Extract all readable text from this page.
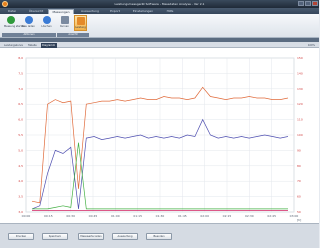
Leistungsmessgerät Software - Messdaten Analyse - Ver 2.1
Datei	Übersicht	Messungen	Auswertung	Export	Einstellungen	Hilfe
Messung starten
Neu laden	Löschen	Kurven	Leistung
Aktionen	Ansicht
Leistungskurve	Tabelle	Diagramm	100%
8,0
7,5
7,0
6,5
6,0
5,5
5,0
4,5
4,0
3,5
3,0
150
140
130
120
110
100
90
80
70
60
50
00:00	00:15	00:30	00:45	01:00	01:15	01:30	01:45	02:00	02:15	02:30	02:45	03:00
[h]
Drucken	Speichern	Messwerte laden	Auswertung	Beenden
